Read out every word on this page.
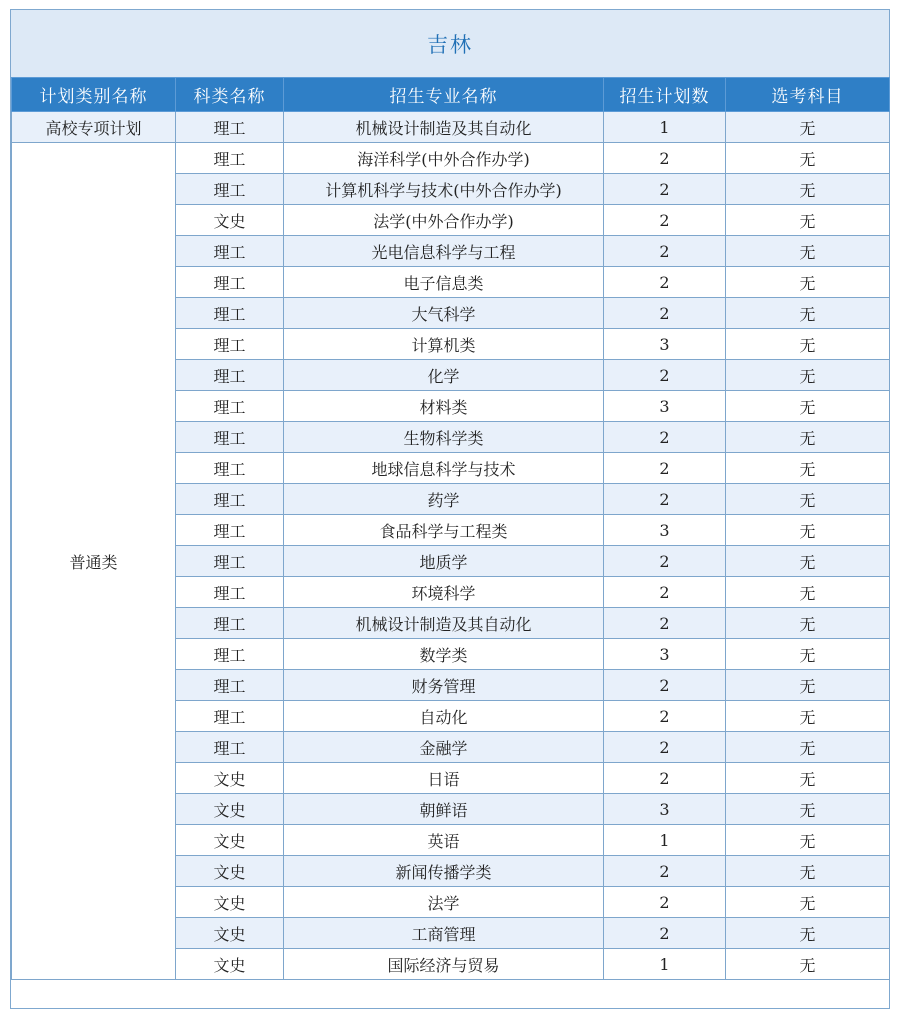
吉林
计划类别名称	科类名称	招生专业名称	招生计划数	选考科目
高校专项计划	理工	机械设计制造及其自动化	1	无
普通类	理工	海洋科学(中外合作办学)	2	无
	理工	计算机科学与技术(中外合作办学)	2	无
	文史	法学(中外合作办学)	2	无
	理工	光电信息科学与工程	2	无
	理工	电子信息类	2	无
	理工	大气科学	2	无
	理工	计算机类	3	无
	理工	化学	2	无
	理工	材料类	3	无
	理工	生物科学类	2	无
	理工	地球信息科学与技术	2	无
	理工	药学	2	无
	理工	食品科学与工程类	3	无
	理工	地质学	2	无
	理工	环境科学	2	无
	理工	机械设计制造及其自动化	2	无
	理工	数学类	3	无
	理工	财务管理	2	无
	理工	自动化	2	无
	理工	金融学	2	无
	文史	日语	2	无
	文史	朝鲜语	3	无
	文史	英语	1	无
	文史	新闻传播学类	2	无
	文史	法学	2	无
	文史	工商管理	2	无
	文史	国际经济与贸易	1	无
